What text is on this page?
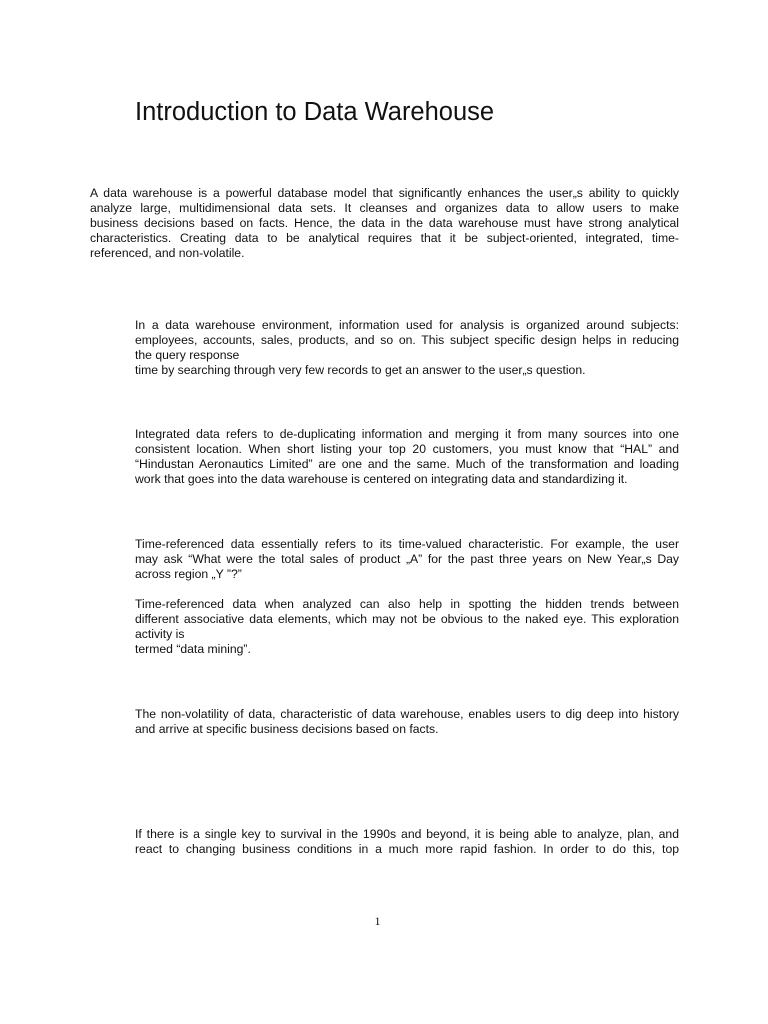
Introduction to Data Warehouse
A data warehouse is a powerful database model that significantly enhances the user„s ability to quickly
analyze large, multidimensional data sets. It cleanses and organizes data to allow users to make
business decisions based on facts. Hence, the data in the data warehouse must have strong analytical
characteristics. Creating data to be analytical requires that it be subject-oriented, integrated, time-
referenced, and non-volatile.
In a data warehouse environment, information used for analysis is organized around subjects:
employees, accounts, sales, products, and so on. This subject specific design helps in reducing
the query response
time by searching through very few records to get an answer to the user„s question.
Integrated data refers to de-duplicating information and merging it from many sources into one
consistent location. When short listing your top 20 customers, you must know that “HAL” and
“Hindustan Aeronautics Limited” are one and the same. Much of the transformation and loading
work that goes into the data warehouse is centered on integrating data and standardizing it.
Time-referenced data essentially refers to its time-valued characteristic. For example, the user
may ask “What were the total sales of product „A” for the past three years on New Year„s Day
across region „Y ”?”
Time-referenced data when analyzed can also help in spotting the hidden trends between
different associative data elements, which may not be obvious to the naked eye. This exploration
activity is
termed “data mining”.
The non-volatility of data, characteristic of data warehouse, enables users to dig deep into history
and arrive at specific business decisions based on facts.
If there is a single key to survival in the 1990s and beyond, it is being able to analyze, plan, and
react to changing business conditions in a much more rapid fashion. In order to do this, top
1
